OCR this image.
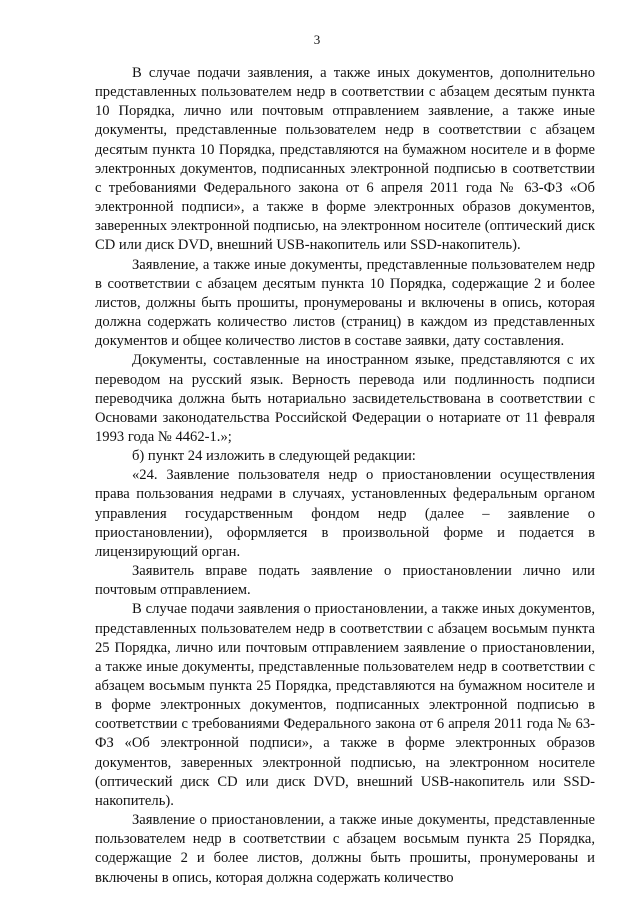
3

В случае подачи заявления, а также иных документов, дополнительно представленных пользователем недр в соответствии с абзацем десятым пункта 10 Порядка, лично или почтовым отправлением заявление, а также иные документы, представленные пользователем недр в соответствии с абзацем десятым пункта 10 Порядка, представляются на бумажном носителе и в форме электронных документов, подписанных электронной подписью в соответствии с требованиями Федерального закона от 6 апреля 2011 года № 63-ФЗ «Об электронной подписи», а также в форме электронных образов документов, заверенных электронной подписью, на электронном носителе (оптический диск CD или диск DVD, внешний USB-накопитель или SSD-накопитель).

Заявление, а также иные документы, представленные пользователем недр в соответствии с абзацем десятым пункта 10 Порядка, содержащие 2 и более листов, должны быть прошиты, пронумерованы и включены в опись, которая должна содержать количество листов (страниц) в каждом из представленных документов и общее количество листов в составе заявки, дату составления.

Документы, составленные на иностранном языке, представляются с их переводом на русский язык. Верность перевода или подлинность подписи переводчика должна быть нотариально засвидетельствована в соответствии с Основами законодательства Российской Федерации о нотариате от 11 февраля 1993 года № 4462-1.»;

б) пункт 24 изложить в следующей редакции:

«24. Заявление пользователя недр о приостановлении осуществления права пользования недрами в случаях, установленных федеральным органом управления государственным фондом недр (далее – заявление о приостановлении), оформляется в произвольной форме и подается в лицензирующий орган.

Заявитель вправе подать заявление о приостановлении лично или почтовым отправлением.

В случае подачи заявления о приостановлении, а также иных документов, представленных пользователем недр в соответствии с абзацем восьмым пункта 25 Порядка, лично или почтовым отправлением заявление о приостановлении, а также иные документы, представленные пользователем недр в соответствии с абзацем восьмым пункта 25 Порядка, представляются на бумажном носителе и в форме электронных документов, подписанных электронной подписью в соответствии с требованиями Федерального закона от 6 апреля 2011 года № 63-ФЗ «Об электронной подписи», а также в форме электронных образов документов, заверенных электронной подписью, на электронном носителе (оптический диск CD или диск DVD, внешний USB-накопитель или SSD-накопитель).

Заявление о приостановлении, а также иные документы, представленные пользователем недр в соответствии с абзацем восьмым пункта 25 Порядка, содержащие 2 и более листов, должны быть прошиты, пронумерованы и включены в опись, которая должна содержать количество
